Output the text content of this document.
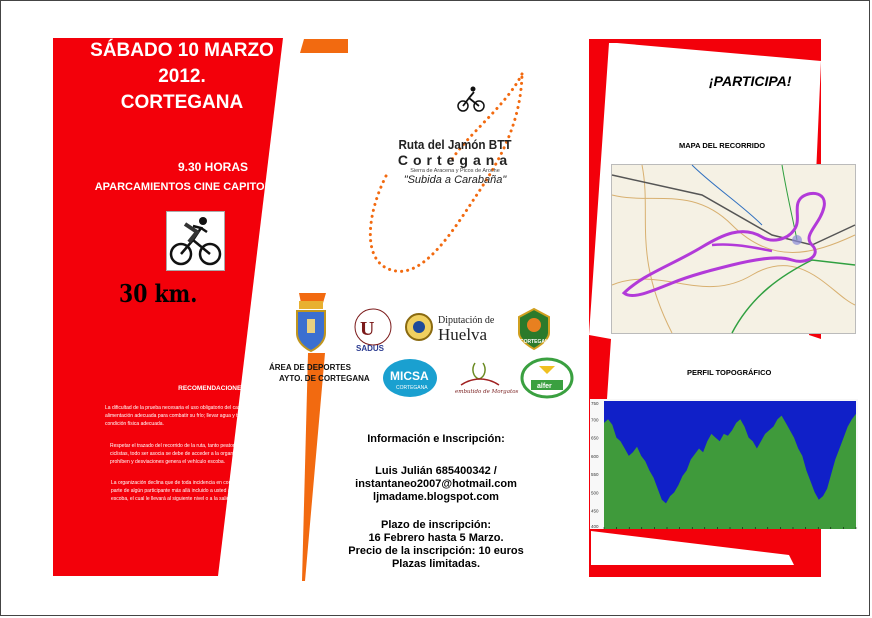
SÁBADO 10 MARZO
2012.
CORTEGANA
9.30 HORAS
APARCAMIENTOS CINE CAPITOL
30 km.
RECOMENDACIONES:
La dificultad de la prueba necesaria el uso obligatorio del casco, alimentación adecuada para combatir su frío; llevar agua y tener una condición física adecuada.
Respetar el trazado del recorrido de la ruta, tanto peatones y otros ciclistas, todo ser asocia se debe de acceder a la organización, se prohíben y desviaciones genera el vehículo escoba.
La organización declina que de toda incidencia en cometerse en por parte de algún participante más allá incluido a usted al vehículo escoba, el cual le llevará al siguiente nivel o a la salida.
Ruta del Jamón BTT
Cortegana
Sierra de Aracena y Picos de Aroche
"Subida a Carabaña"
ÁREA DE DEPORTES
AYTO. DE CORTEGANA
U
SADUS
Diputación de
Huelva	CORTEGANA
MICSA
CORTEGANA
embutido de Morgatos
alfer
Información e Inscripción:
Luis Julián 685400342 /
instantaneo2007@hotmail.com
ljmadame.blogspot.com
Plazo de inscripción:
16 Febrero hasta 5 Marzo.
Precio de la inscripción: 10 euros
Plazas limitadas.
¡PARTICIPA!
MAPA DEL RECORRIDO
PERFIL TOPOGRÁFICO
750
700
650
600
550
500
450
400
